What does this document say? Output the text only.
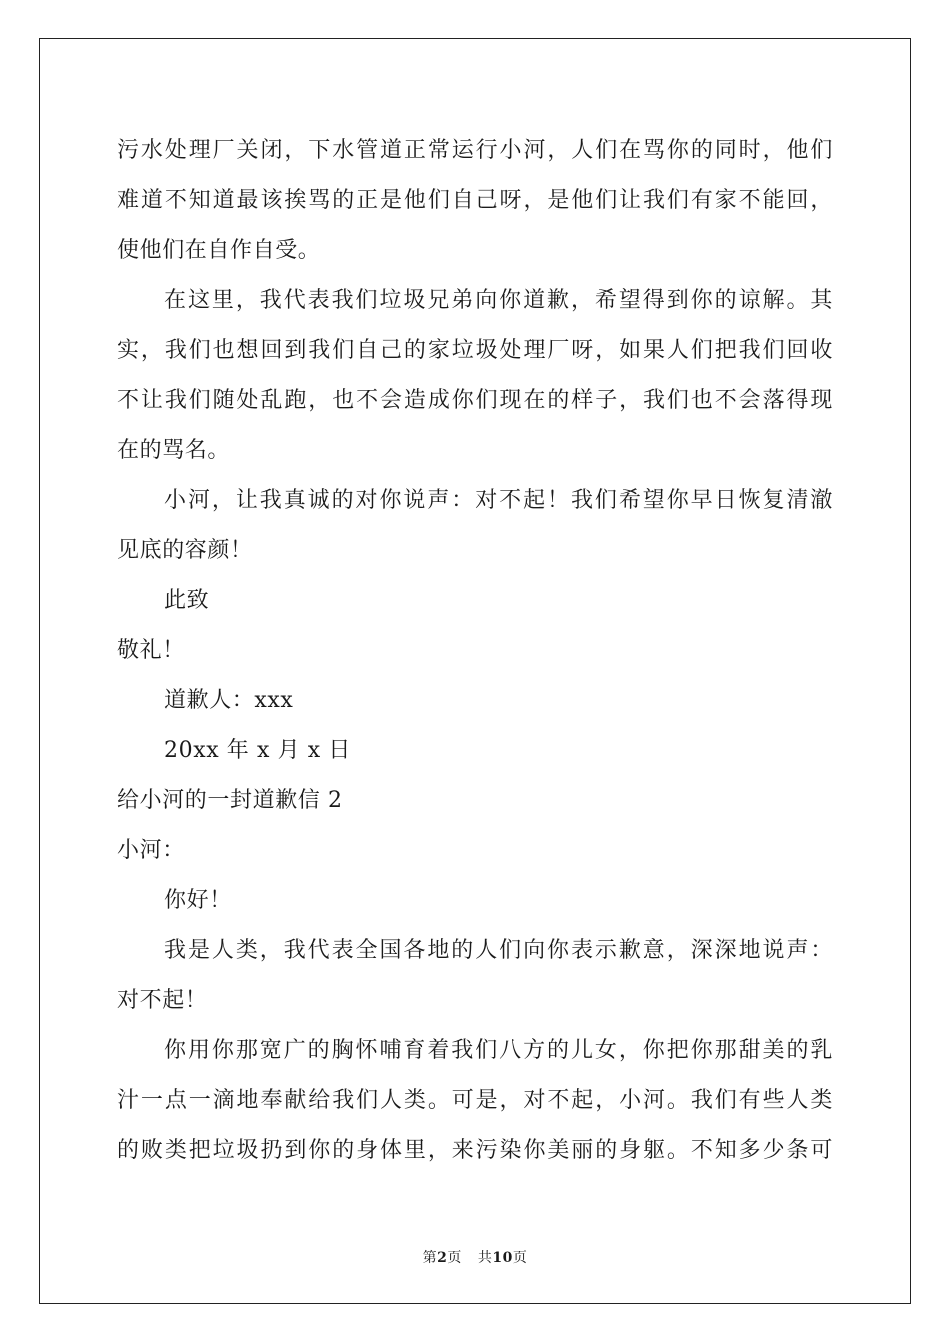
污水处理厂关闭，下水管道正常运行小河，人们在骂你的同时，他们
难道不知道最该挨骂的正是他们自己呀，是他们让我们有家不能回，
使他们在自作自受。
在这里，我代表我们垃圾兄弟向你道歉，希望得到你的谅解。其
实，我们也想回到我们自己的家垃圾处理厂呀，如果人们把我们回收
不让我们随处乱跑，也不会造成你们现在的样子，我们也不会落得现
在的骂名。
小河，让我真诚的对你说声：对不起！我们希望你早日恢复清澈
见底的容颜！
此致
敬礼！
道歉人：xxx
20xx 年 x 月 x 日
给小河的一封道歉信 2
小河：
你好！
我是人类，我代表全国各地的人们向你表示歉意，深深地说声：
对不起！
你用你那宽广的胸怀哺育着我们八方的儿女，你把你那甜美的乳
汁一点一滴地奉献给我们人类。可是，对不起，小河。我们有些人类
的败类把垃圾扔到你的身体里，来污染你美丽的身躯。不知多少条可
第2页 共10页
